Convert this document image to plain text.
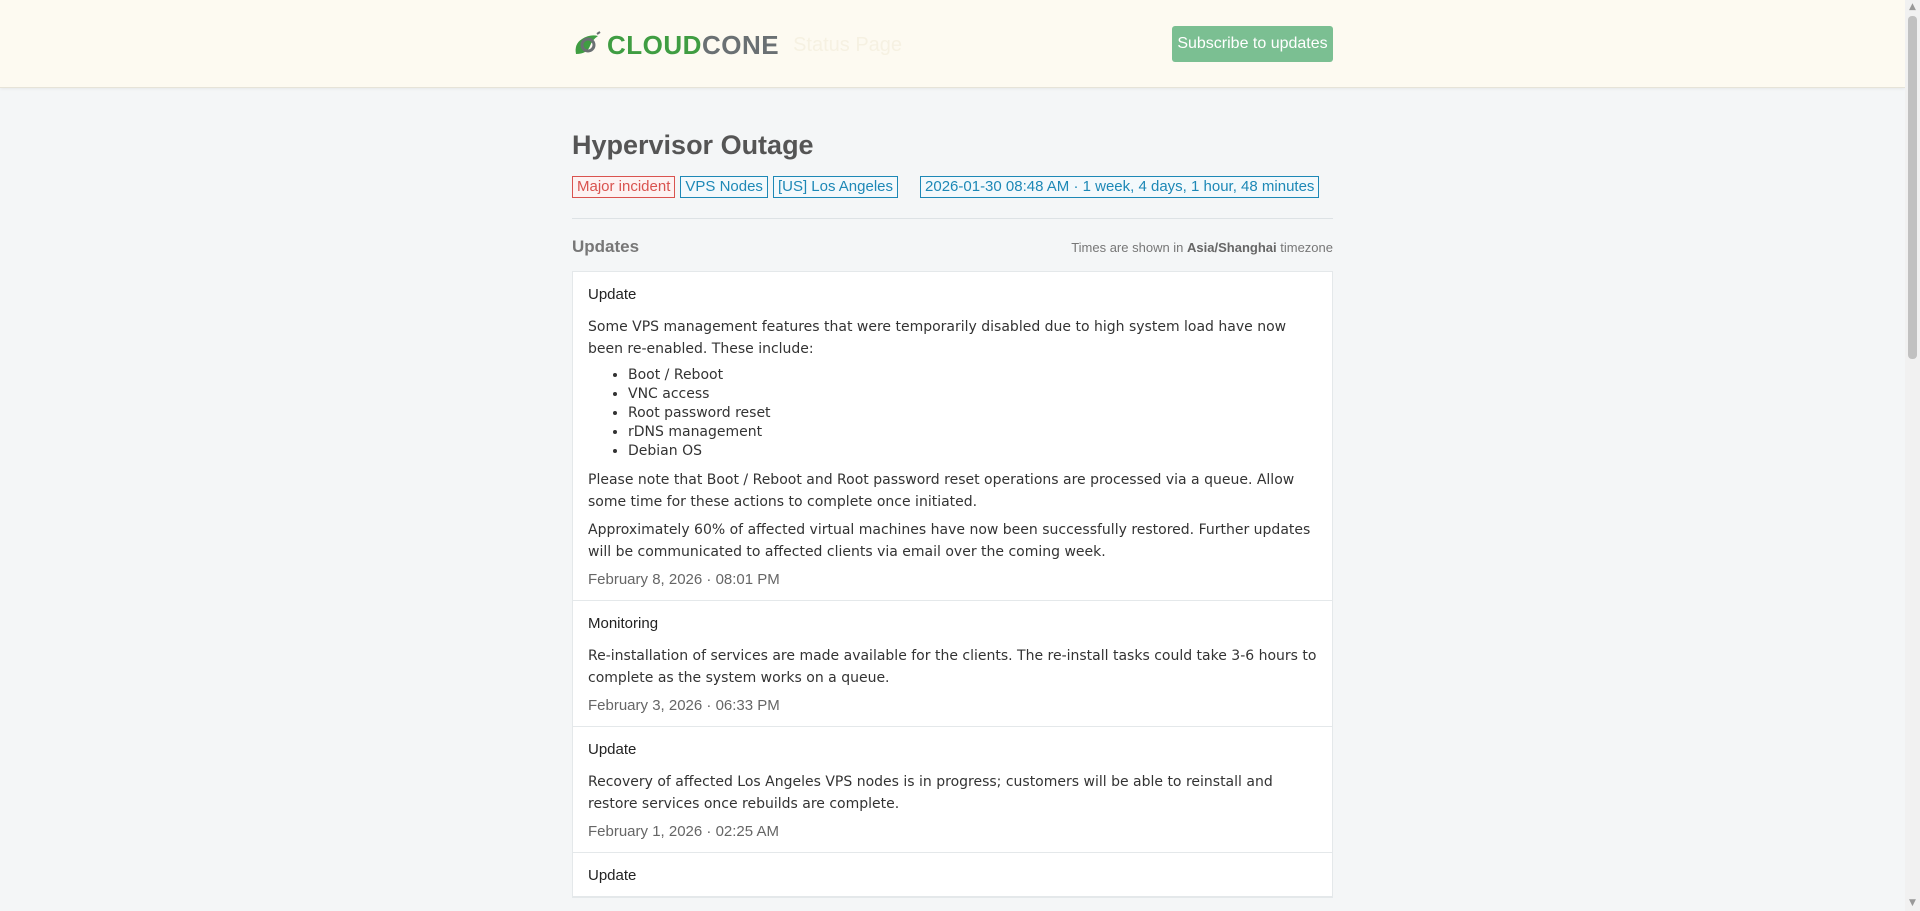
CLOUD CONE Status Page	Subscribe to updates
Hypervisor Outage
Major incident	VPS Nodes	[US] Los Angeles	2026-01-30 08:48 AM · 1 week, 4 days, 1 hour, 48 minutes
Updates	Times are shown in Asia/Shanghai timezone
Update

Some VPS management features that were temporarily disabled due to high system load have now been re-enabled. These include:

• Boot / Reboot
• VNC access
• Root password reset
• rDNS management
• Debian OS

Please note that Boot / Reboot and Root password reset operations are processed via a queue. Allow some time for these actions to complete once initiated.

Approximately 60% of affected virtual machines have now been successfully restored. Further updates will be communicated to affected clients via email over the coming week.

February 8, 2026 · 08:01 PM
Monitoring

Re-installation of services are made available for the clients. The re-install tasks could take 3-6 hours to complete as the system works on a queue.

February 3, 2026 · 06:33 PM
Update

Recovery of affected Los Angeles VPS nodes is in progress; customers will be able to reinstall and restore services once rebuilds are complete.

February 1, 2026 · 02:25 AM
Update
▲
▼
